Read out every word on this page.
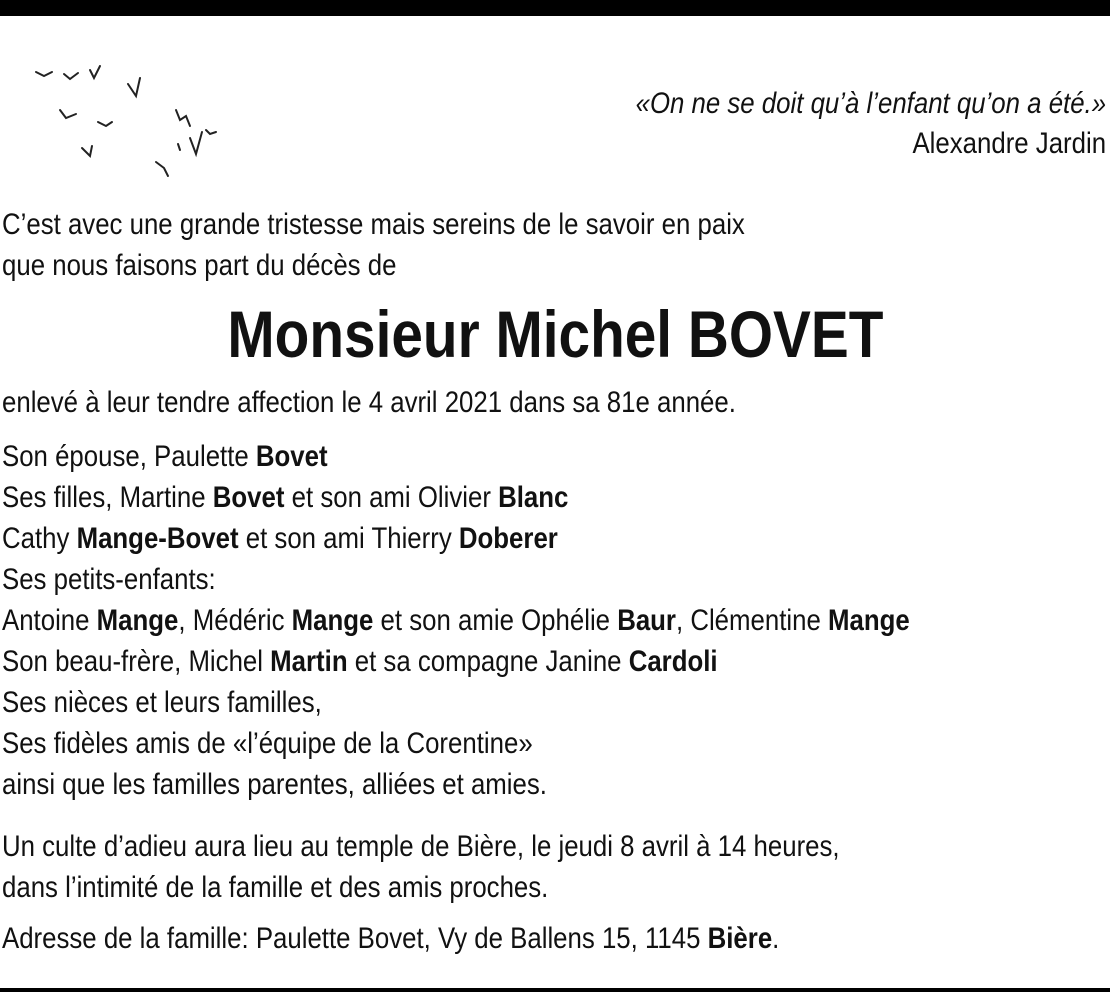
«On ne se doit qu’à l’enfant qu’on a été.»
Alexandre Jardin
C’est avec une grande tristesse mais sereins de le savoir en paix
que nous faisons part du décès de
Monsieur Michel BOVET
enlevé à leur tendre affection le 4 avril 2021 dans sa 81e année.
Son épouse, Paulette Bovet
Ses filles, Martine Bovet et son ami Olivier Blanc
Cathy Mange-Bovet et son ami Thierry Doberer
Ses petits-enfants:
Antoine Mange, Médéric Mange et son amie Ophélie Baur, Clémentine Mange
Son beau-frère, Michel Martin et sa compagne Janine Cardoli
Ses nièces et leurs familles,
Ses fidèles amis de «l’équipe de la Corentine»
ainsi que les familles parentes, alliées et amies.
Un culte d’adieu aura lieu au temple de Bière, le jeudi 8 avril à 14 heures,
dans l’intimité de la famille et des amis proches.
Adresse de la famille: Paulette Bovet, Vy de Ballens 15, 1145 Bière.
